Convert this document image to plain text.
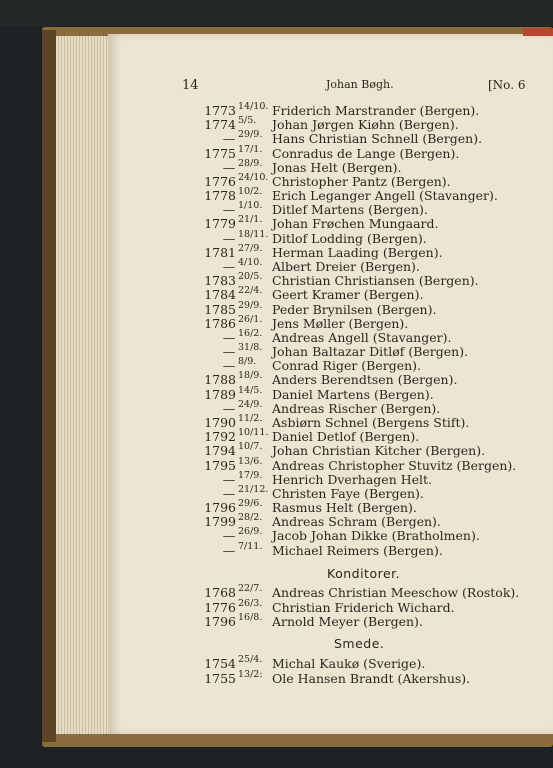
14	Johan Bøgh.	[No. 6
1773 14/10. Friderich Marstrander (Bergen).
1774 5/5. Johan Jørgen Kiøhn (Bergen).
— 29/9. Hans Christian Schnell (Bergen).
1775 17/1. Conradus de Lange (Bergen).
— 28/9. Jonas Helt (Bergen).
1776 24/10. Christopher Pantz (Bergen).
1778 10/2. Erich Leganger Angell (Stavanger).
— 1/10. Ditlef Martens (Bergen).
1779 21/1. Johan Frøchen Mungaard.
— 18/11. Ditlof Lodding (Bergen).
1781 27/9. Herman Laading (Bergen).
— 4/10. Albert Dreier (Bergen).
1783 20/5. Christian Christiansen (Bergen).
1784 22/4. Geert Kramer (Bergen).
1785 29/9. Peder Brynilsen (Bergen).
1786 26/1. Jens Møller (Bergen).
— 16/2. Andreas Angell (Stavanger).
— 31/8. Johan Baltazar Ditløf (Bergen).
— 8/9. Conrad Riger (Bergen).
1788 18/9. Anders Berendtsen (Bergen).
1789 14/5. Daniel Martens (Bergen).
— 24/9. Andreas Rischer (Bergen).
1790 11/2. Asbiørn Schnel (Bergens Stift).
1792 10/11. Daniel Detlof (Bergen).
1794 10/7. Johan Christian Kitcher (Bergen).
1795 13/6. Andreas Christopher Stuvitz (Bergen).
— 17/9. Henrich Dverhagen Helt.
— 21/12. Christen Faye (Bergen).
1796 29/6. Rasmus Helt (Bergen).
1799 28/2. Andreas Schram (Bergen).
— 26/9. Jacob Johan Dikke (Bratholmen).
— 7/11. Michael Reimers (Bergen).
Konditorer.
1768 22/7. Andreas Christian Meeschow (Rostok).
1776 26/3. Christian Friderich Wichard.
1796 16/8. Arnold Meyer (Bergen).
Smede.
1754 25/4. Michal Kaukø (Sverige).
1755 13/2: Ole Hansen Brandt (Akershus).
